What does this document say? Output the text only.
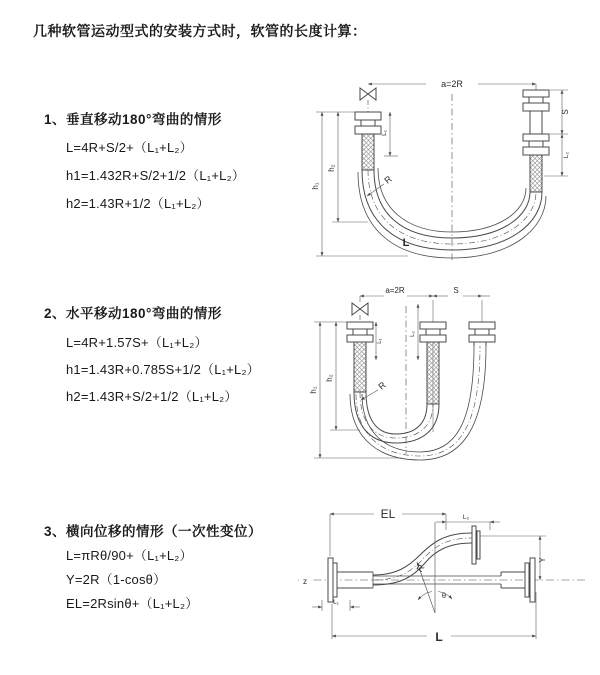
几种软管运动型式的安装方式时，软管的长度计算：
1、垂直移动180°弯曲的情形
L=4R+S/2+（L₁+L₂）
h1=1.432R+S/2+1/2（L₁+L₂）
h2=1.43R+1/2（L₁+L₂）
2、水平移动180°弯曲的情形
L=4R+1.57S+（L₁+L₂）
h1=1.43R+0.785S+1/2（L₁+L₂）
h2=1.43R+S/2+1/2（L₁+L₂）
3、横向位移的情形（一次性变位）
L=πRθ/90+（L₁+L₂）
Y=2R（1-cosθ）
EL=2Rsinθ+（L₁+L₂）
a=2R
h₁
h₂
L₁
S
L₂
R
L
a=2R	S
h₁
h₂
L₁
L₂
R
EL	L₂
Y
L
L₁
R
θ
z
